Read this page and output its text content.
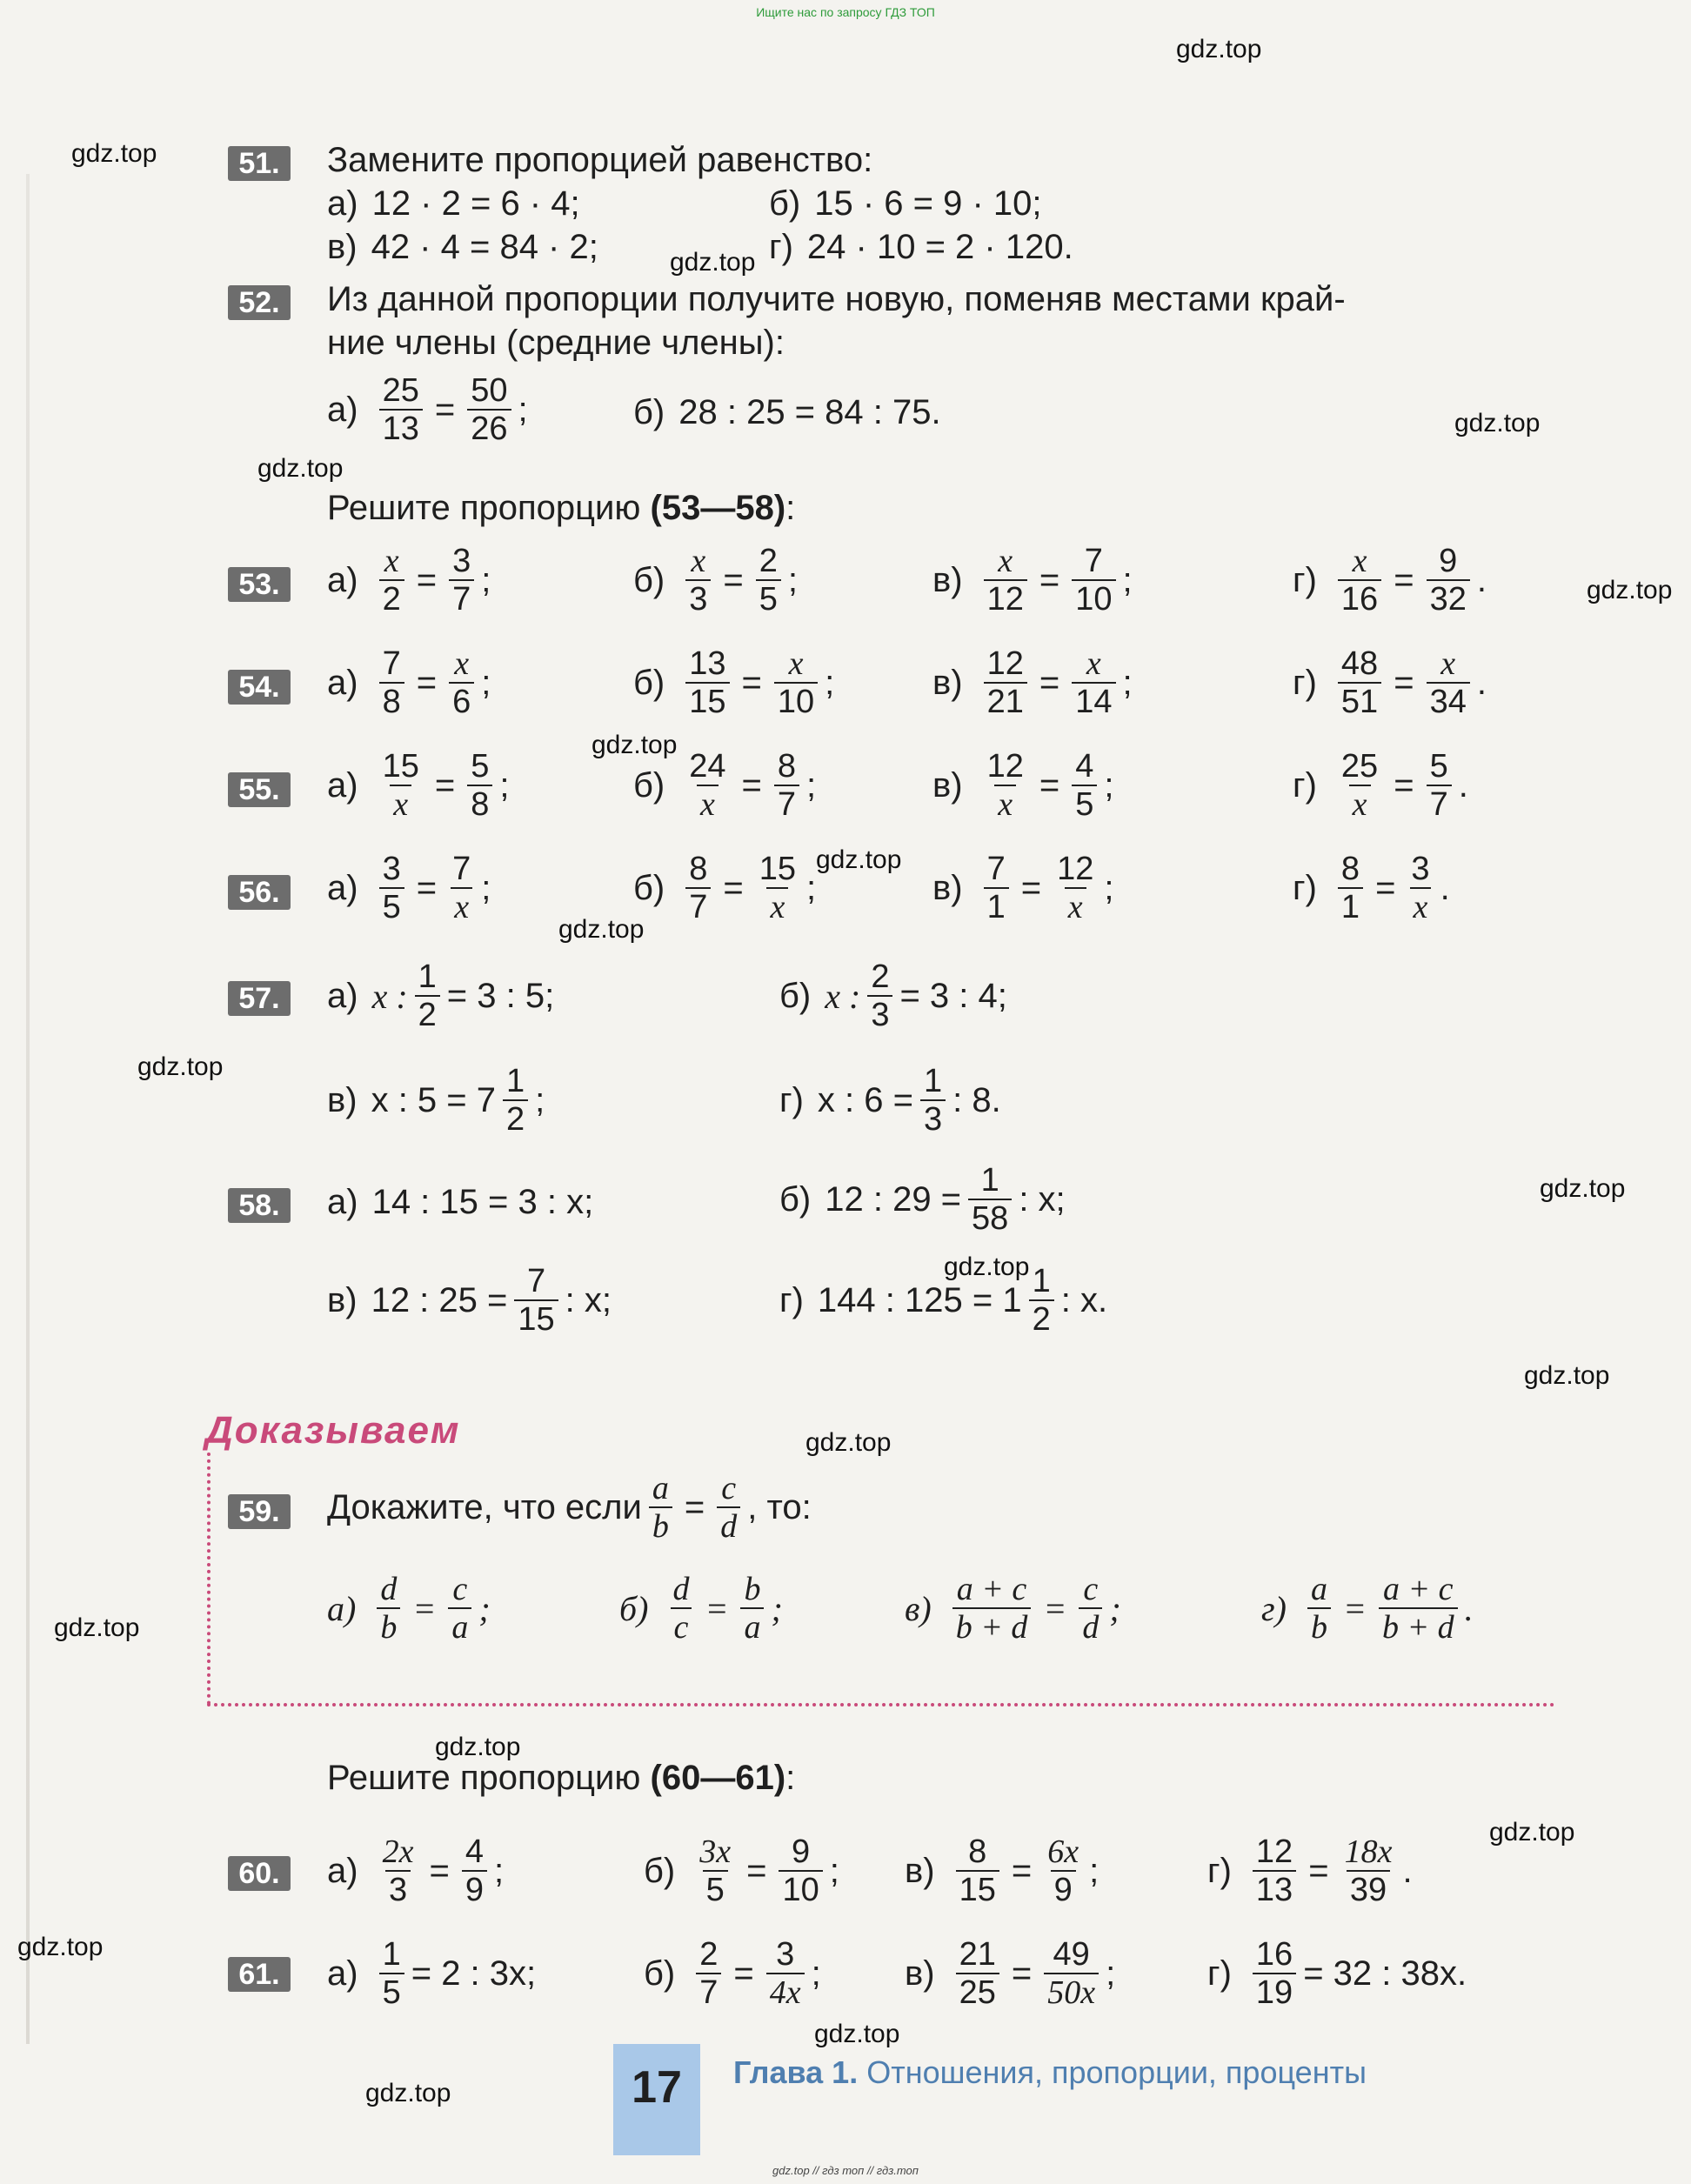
Ищите нас по запросу ГДЗ ТОП
gdz.top
gdz.top
gdz.top
gdz.top
gdz.top
gdz.top
gdz.top
gdz.top
gdz.top
gdz.top
gdz.top
gdz.top
gdz.top
gdz.top
gdz.top
gdz.top
gdz.top
gdz.top
gdz.top
gdz.top
51.	Замените пропорцией равенство:
а) 12 · 2 = 6 · 4;	б) 15 · 6 = 9 · 10;
в) 42 · 4 = 84 · 2;	г) 24 · 10 = 2 · 120.
52.	Из данной пропорции получите новую, поменяв местами край-
ние члены (средние члены):
$а) \frac{25}{13} = \frac{50}{26}$ ;	б) 28 : 25 = 84 : 75.
Решите пропорцию (53—58):
53.	$а) \frac{x}{2} = \frac{3}{7}$ ;	$б) \frac{x}{3} = \frac{2}{5}$ ;	$в) \frac{x}{12} = \frac{7}{10}$ ;	$г) \frac{x}{16} = \frac{9}{32}$ .
54.	$а) \frac{7}{8} = \frac{x}{6}$ ;	$б) \frac{13}{15} = \frac{x}{10}$ ;	$в) \frac{12}{21} = \frac{x}{14}$ ;	$г) \frac{48}{51} = \frac{x}{34}$ .
55.	$а) \frac{15}{x} = \frac{5}{8}$ ;	$б) \frac{24}{x} = \frac{8}{7}$ ;	$в) \frac{12}{x} = \frac{4}{5}$ ;	$г) \frac{25}{x} = \frac{5}{7}$ .
56.	$а) \frac{3}{5} = \frac{7}{x}$ ;	$б) \frac{8}{7} = \frac{15}{x}$ ;	$в) \frac{7}{1} = \frac{12}{x}$ ;	$г) \frac{8}{1} = \frac{3}{x}$ .
57.	а) x : $\frac{1}{2} = 3$ : 5;	б) x : $\frac{2}{3} = 3$ : 4;
в) x : $5 = 7 \frac{1}{2}$ ;	г) x : $6 = \frac{1}{3}$ : 8.
58.	а) 14 : 15 = 3 : x;	б) 12 : $29 = \frac{1}{58}$ : x;
в) 12 : $25 = \frac{7}{15}$ : x;	г) 144 : $125 = 1 \frac{1}{2}$ : x.
Доказываем
59.	Докажите, что если $\frac{a}{b} = \frac{c}{d}$ , то:
$а) \frac{d}{b} = \frac{c}{a}$ ;	$б) \frac{d}{c} = \frac{b}{a}$ ;	$в) \frac{a + c}{b + d} = \frac{c}{d}$ ;	$г) \frac{a}{b} = \frac{a + c}{b + d}$ .
Решите пропорцию (60—61):
60.	$а) \frac{2x}{3} = \frac{4}{9}$ ;	$б) \frac{3x}{5} = \frac{9}{10}$ ; $в) \frac{8}{15} = \frac{6x}{9}$ ;	$г) \frac{12}{13} = \frac{18x}{39}$ .
61.	$а) \frac{1}{5} = 2$ : 3x;	$б) \frac{2}{7} = \frac{3}{4x}$ ; $в) \frac{21}{25} = \frac{49}{50x}$ ;	$г) \frac{16}{19} = 32$ : 38x.
17	Глава 1. Отношения, пропорции, проценты
gdz.top // гдз топ // гдз.топ
